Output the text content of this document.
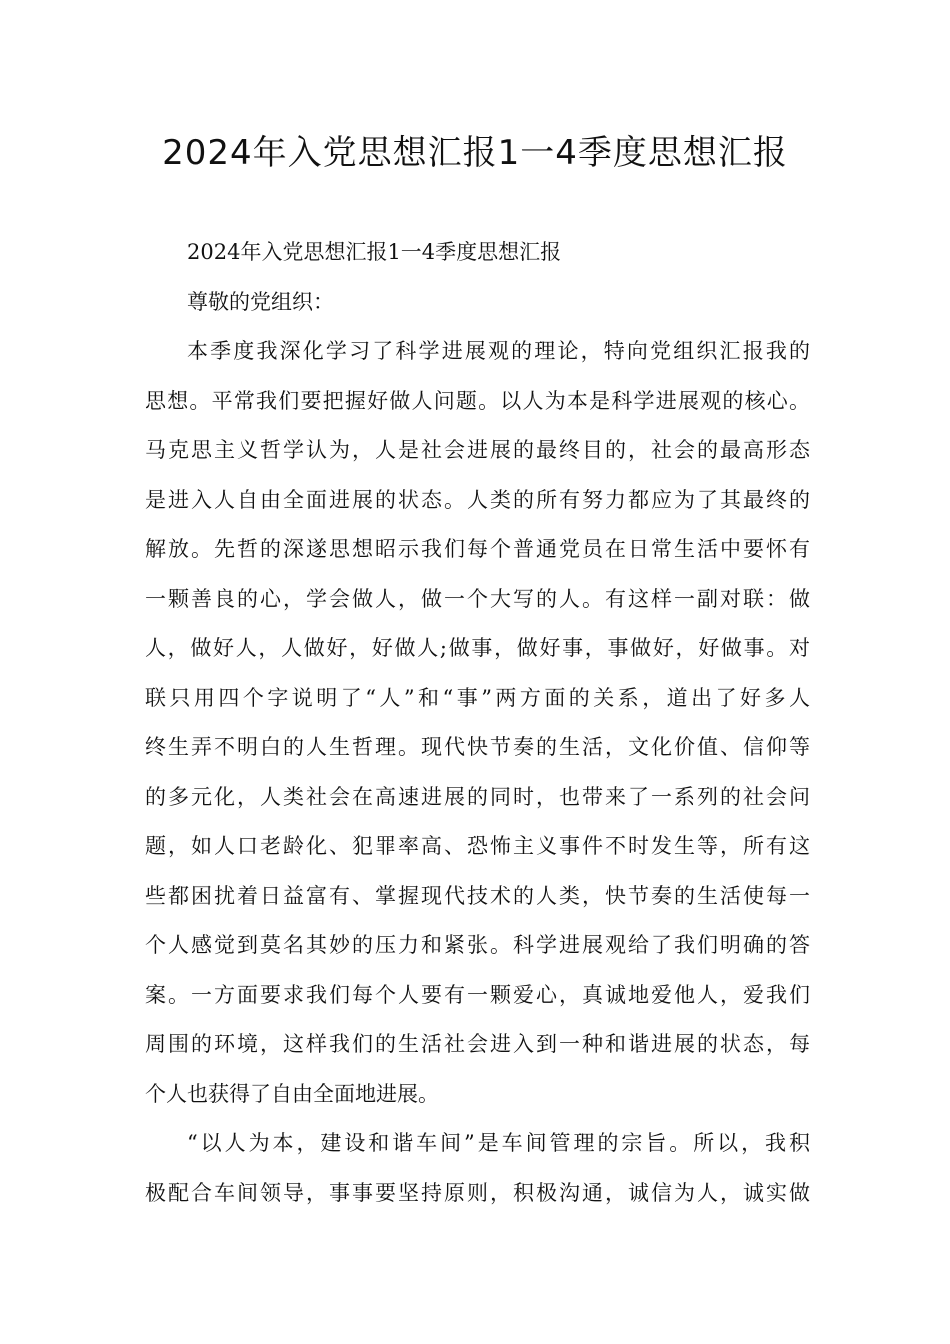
2024年入党思想汇报1一4季度思想汇报
2024年入党思想汇报1一4季度思想汇报
尊敬的党组织：
本季度我深化学习了科学进展观的理论，特向党组织汇报我的
思想。平常我们要把握好做人问题。以人为本是科学进展观的核心。
马克思主义哲学认为，人是社会进展的最终目的，社会的最高形态
是进入人自由全面进展的状态。人类的所有努力都应为了其最终的
解放。先哲的深遂思想昭示我们每个普通党员在日常生活中要怀有
一颗善良的心，学会做人，做一个大写的人。有这样一副对联：做
人，做好人，人做好，好做人;做事，做好事，事做好，好做事。对
联只用四个字说明了“人”和“事”两方面的关系，道出了好多人
终生弄不明白的人生哲理。现代快节奏的生活，文化价值、信仰等
的多元化，人类社会在高速进展的同时，也带来了一系列的社会问
题，如人口老龄化、犯罪率高、恐怖主义事件不时发生等，所有这
些都困扰着日益富有、掌握现代技术的人类，快节奏的生活使每一
个人感觉到莫名其妙的压力和紧张。科学进展观给了我们明确的答
案。一方面要求我们每个人要有一颗爱心，真诚地爱他人，爱我们
周围的环境，这样我们的生活社会进入到一种和谐进展的状态，每
个人也获得了自由全面地进展。
“以人为本，建设和谐车间”是车间管理的宗旨。所以，我积
极配合车间领导，事事要坚持原则，积极沟通，诚信为人，诚实做
